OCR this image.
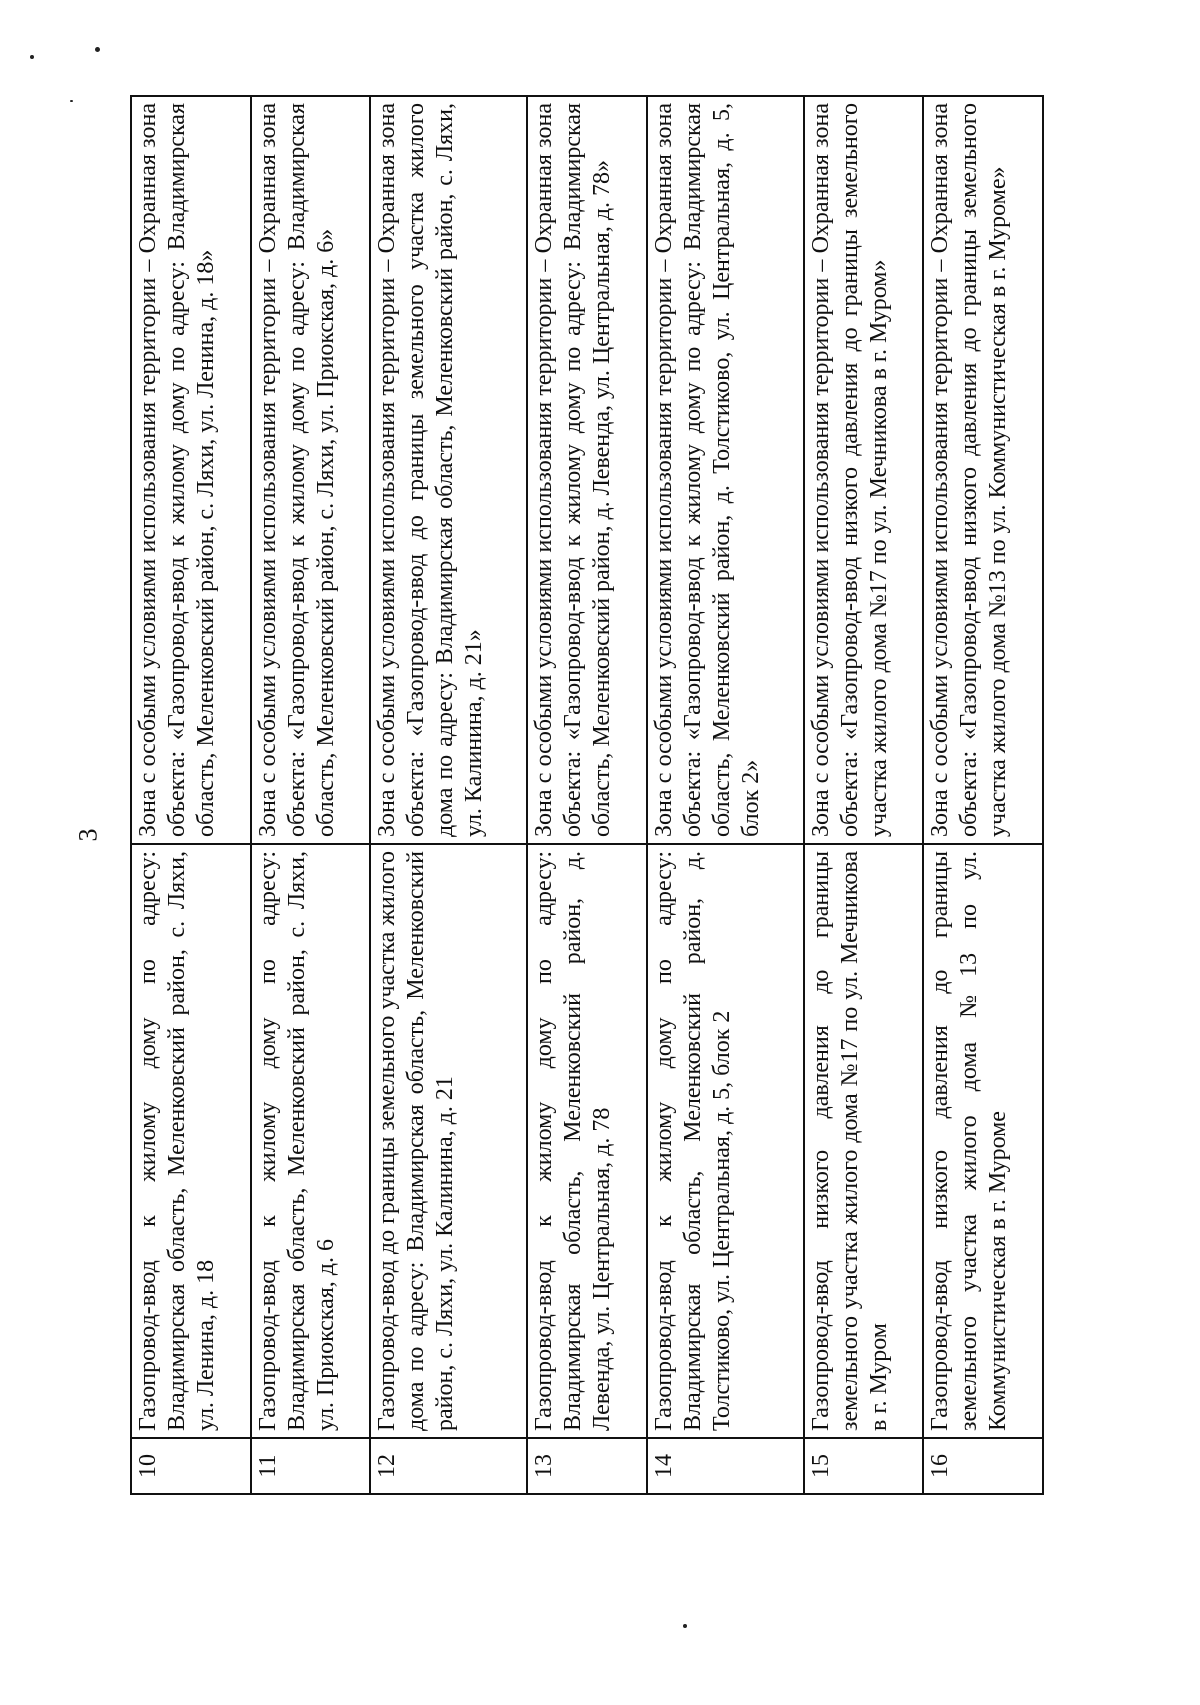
3
10	Газопровод-ввод к жилому дому по адресу: Владимирская область, Меленковский район, с. Ляхи, ул. Ленина, д. 18	Зона с особыми условиями использования территории – Охранная зона объекта: «Газопровод-ввод к жилому дому по адресу: Владимирская область, Меленковский район, с. Ляхи, ул. Ленина, д. 18»
11	Газопровод-ввод к жилому дому по адресу: Владимирская область, Меленковский район, с. Ляхи, ул. Приокская, д. 6	Зона с особыми условиями использования территории – Охранная зона объекта: «Газопровод-ввод к жилому дому по адресу: Владимирская область, Меленковский район, с. Ляхи, ул. Приокская, д. 6»
12	Газопровод-ввод до границы земельного участка жилого дома по адресу: Владимирская область, Меленковский район, с. Ляхи, ул. Калинина, д. 21	Зона с особыми условиями использования территории – Охранная зона объекта: «Газопровод-ввод до границы земельного участка жилого дома по адресу: Владимирская область, Меленковский район, с. Ляхи, ул. Калинина, д. 21»
13	Газопровод-ввод к жилому дому по адресу: Владимирская область, Меленковский район, д. Левенда, ул. Центральная, д. 78	Зона с особыми условиями использования территории – Охранная зона объекта: «Газопровод-ввод к жилому дому по адресу: Владимирская область, Меленковский район, д. Левенда, ул. Центральная, д. 78»
14	Газопровод-ввод к жилому дому по адресу: Владимирская область, Меленковский район, д. Толстиково, ул. Центральная, д. 5, блок 2	Зона с особыми условиями использования территории – Охранная зона объекта: «Газопровод-ввод к жилому дому по адресу: Владимирская область, Меленковский район, д. Толстиково, ул. Центральная, д. 5, блок 2»
15	Газопровод-ввод низкого давления до границы земельного участка жилого дома №17 по ул. Мечникова в г. Муром	Зона с особыми условиями использования территории – Охранная зона объекта: «Газопровод-ввод низкого давления до границы земельного участка жилого дома №17 по ул. Мечникова в г. Муром»
16	Газопровод-ввод низкого давления до границы земельного участка жилого дома №13 по ул. Коммунистическая в г. Муроме	Зона с особыми условиями использования территории – Охранная зона объекта: «Газопровод-ввод низкого давления до границы земельного участка жилого дома №13 по ул. Коммунистическая в г. Муроме»
